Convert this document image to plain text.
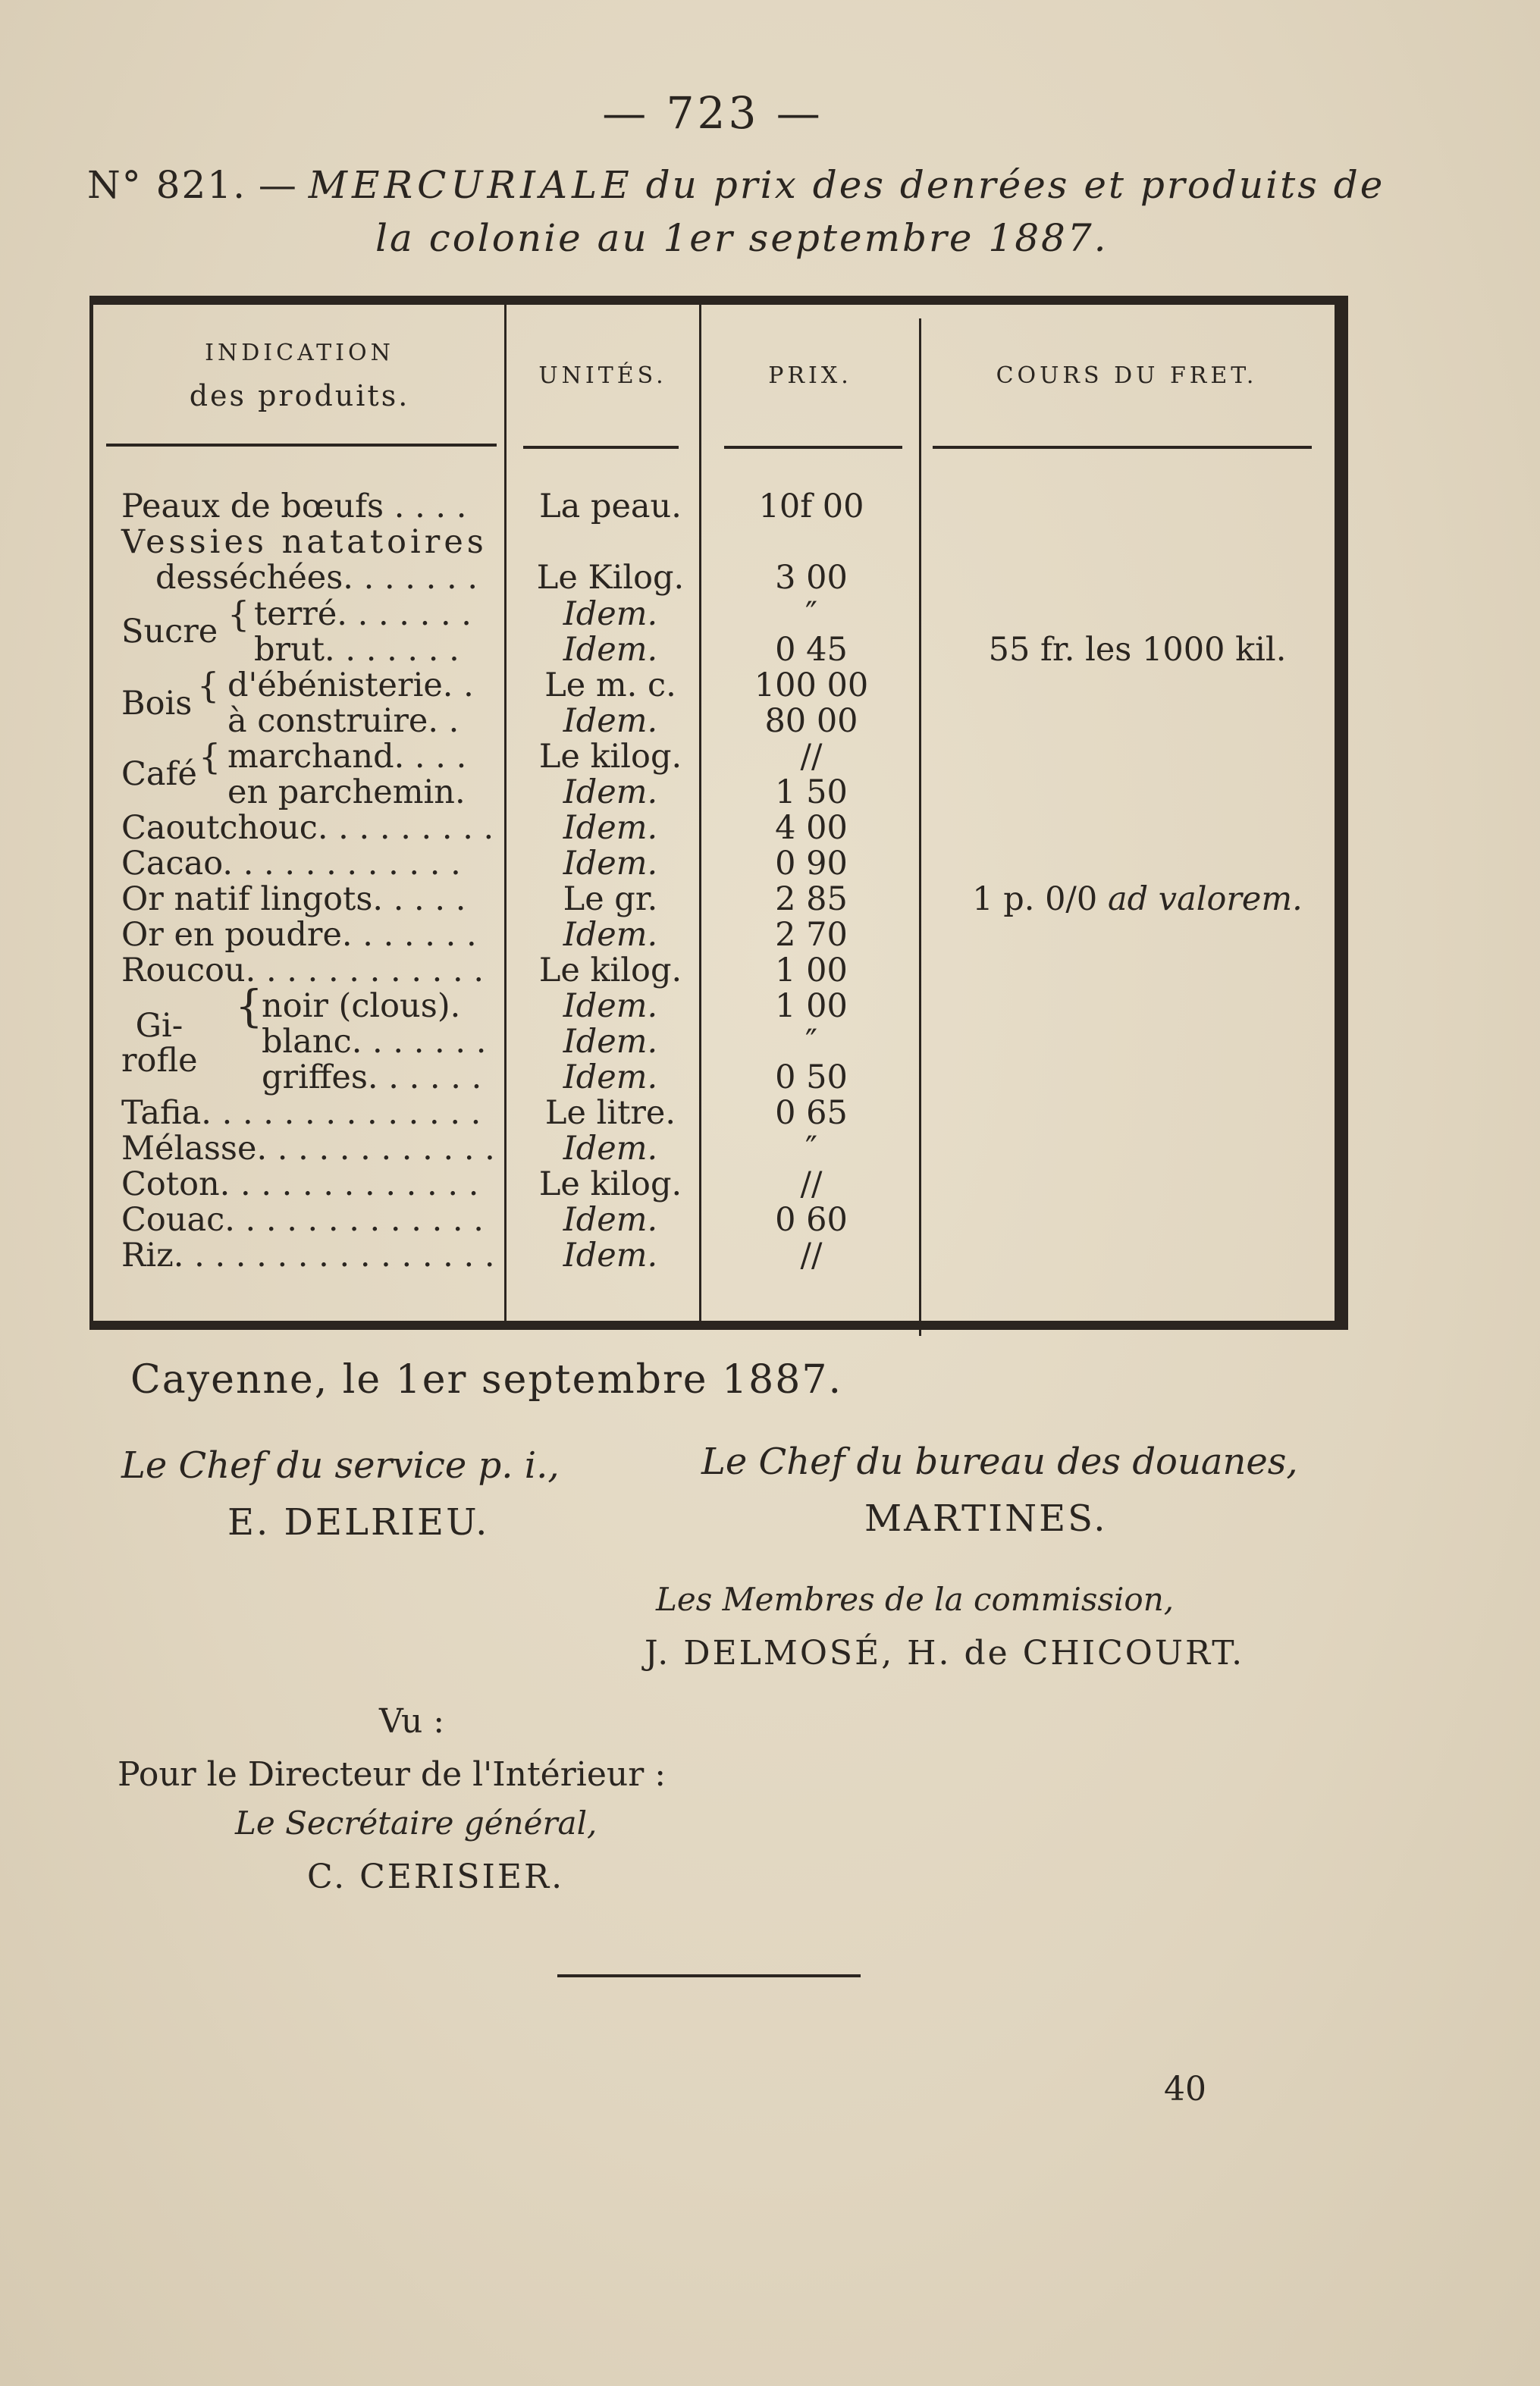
— 723 —
N° 821. — MERCURIALE du prix des denrées et produits de
la colonie au 1er septembre 1887.
INDICATION
des produits.
UNITÉS.	PRIX.	COURS DU FRET.
Peaux de bœufs . . . .	La peau.	10f 00
Vessies natatoires
desséchées. . . . . . .	Le Kilog.	3 00
Sucre { terré. . . . . . .	Idem.	″
brut. . . . . . .	Idem.	0 45	55 fr. les 1000 kil.
Bois { d'ébénisterie. .	Le m. c.	100 00
à construire. .	Idem.	80 00
Café { marchand. . . .	Le kilog.	//
en parchemin.	Idem.	1 50
Caoutchouc. . . . . . . . .	Idem.	4 00
Cacao. . . . . . . . . . . .	Idem.	0 90
Or natif lingots. . . . .	Le gr.	2 85	1 p. 0/0 ad valorem.
Or en poudre. . . . . . .	Idem.	2 70
Roucou. . . . . . . . . . . .	Le kilog.	1 00
Gi- rofle
{
noir (clous).	Idem.	1 00
blanc. . . . . . .	Idem.	″
griffes. . . . . .	Idem.	0 50
Tafia. . . . . . . . . . . . . .	Le litre.	0 65
Mélasse. . . . . . . . . . . .	Idem.	″
Coton. . . . . . . . . . . . .	Le kilog.	//
Couac. . . . . . . . . . . . .	Idem.	0 60
Riz. . . . . . . . . . . . . . . .	Idem.	//
Cayenne, le 1er septembre 1887.
Le Chef du service p. i.,
E. DELRIEU.
Le Chef du bureau des douanes,
MARTINES.
Les Membres de la commission,
J. DELMOSÉ, H. de CHICOURT.
Vu :
Pour le Directeur de l'Intérieur :
Le Secrétaire général,
C. CERISIER.
40
